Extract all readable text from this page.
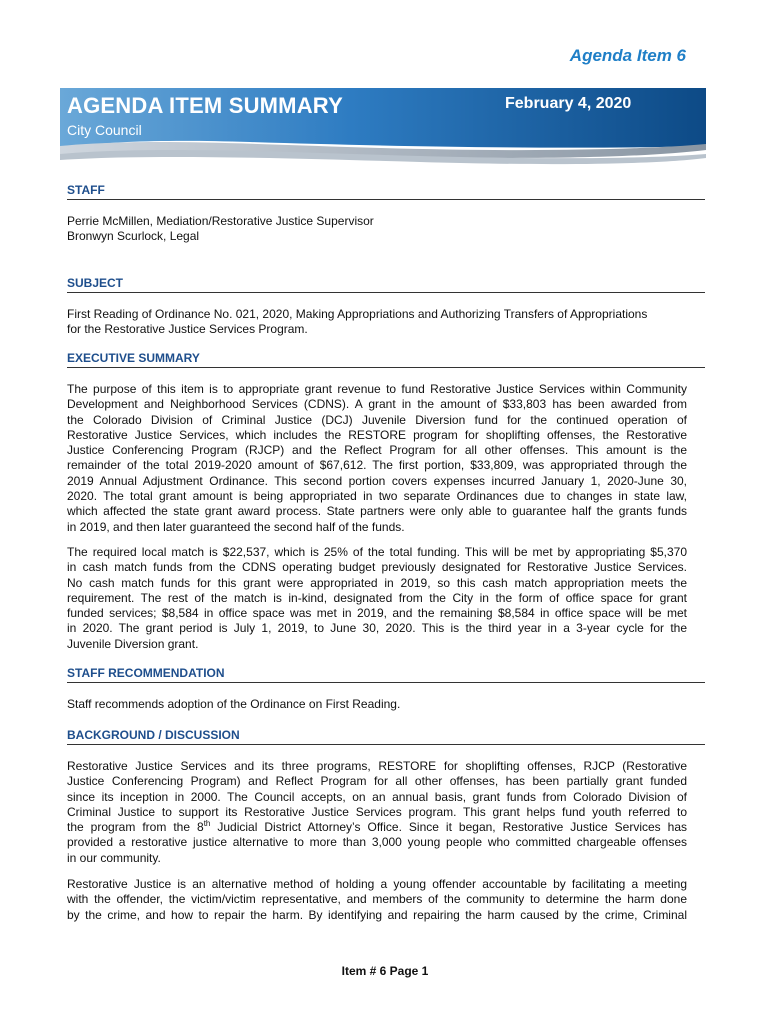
Agenda Item 6
AGENDA ITEM SUMMARY
City Council
February 4, 2020
STAFF
Perrie McMillen, Mediation/Restorative Justice Supervisor
Bronwyn Scurlock, Legal
SUBJECT
First Reading of Ordinance No. 021, 2020, Making Appropriations and Authorizing Transfers of Appropriations
for the Restorative Justice Services Program.
EXECUTIVE SUMMARY
The purpose of this item is to appropriate grant revenue to fund Restorative Justice Services within Community
Development and Neighborhood Services (CDNS). A grant in the amount of $33,803 has been awarded from
the Colorado Division of Criminal Justice (DCJ) Juvenile Diversion fund for the continued operation of
Restorative Justice Services, which includes the RESTORE program for shoplifting offenses, the Restorative
Justice Conferencing Program (RJCP) and the Reflect Program for all other offenses. This amount is the
remainder of the total 2019-2020 amount of $67,612. The first portion, $33,809, was appropriated through the
2019 Annual Adjustment Ordinance. This second portion covers expenses incurred January 1, 2020-June 30,
2020. The total grant amount is being appropriated in two separate Ordinances due to changes in state law,
which affected the state grant award process. State partners were only able to guarantee half the grants funds
in 2019, and then later guaranteed the second half of the funds.
The required local match is $22,537, which is 25% of the total funding. This will be met by appropriating $5,370
in cash match funds from the CDNS operating budget previously designated for Restorative Justice Services.
No cash match funds for this grant were appropriated in 2019, so this cash match appropriation meets the
requirement. The rest of the match is in-kind, designated from the City in the form of office space for grant
funded services; $8,584 in office space was met in 2019, and the remaining $8,584 in office space will be met
in 2020. The grant period is July 1, 2019, to June 30, 2020. This is the third year in a 3-year cycle for the
Juvenile Diversion grant.
STAFF RECOMMENDATION
Staff recommends adoption of the Ordinance on First Reading.
BACKGROUND / DISCUSSION
Restorative Justice Services and its three programs, RESTORE for shoplifting offenses, RJCP (Restorative
Justice Conferencing Program) and Reflect Program for all other offenses, has been partially grant funded
since its inception in 2000. The Council accepts, on an annual basis, grant funds from Colorado Division of
Criminal Justice to support its Restorative Justice Services program. This grant helps fund youth referred to
the program from the 8th Judicial District Attorney’s Office. Since it began, Restorative Justice Services has
provided a restorative justice alternative to more than 3,000 young people who committed chargeable offenses
in our community.
Restorative Justice is an alternative method of holding a young offender accountable by facilitating a meeting
with the offender, the victim/victim representative, and members of the community to determine the harm done
by the crime, and how to repair the harm. By identifying and repairing the harm caused by the crime, Criminal
Item # 6 Page 1
